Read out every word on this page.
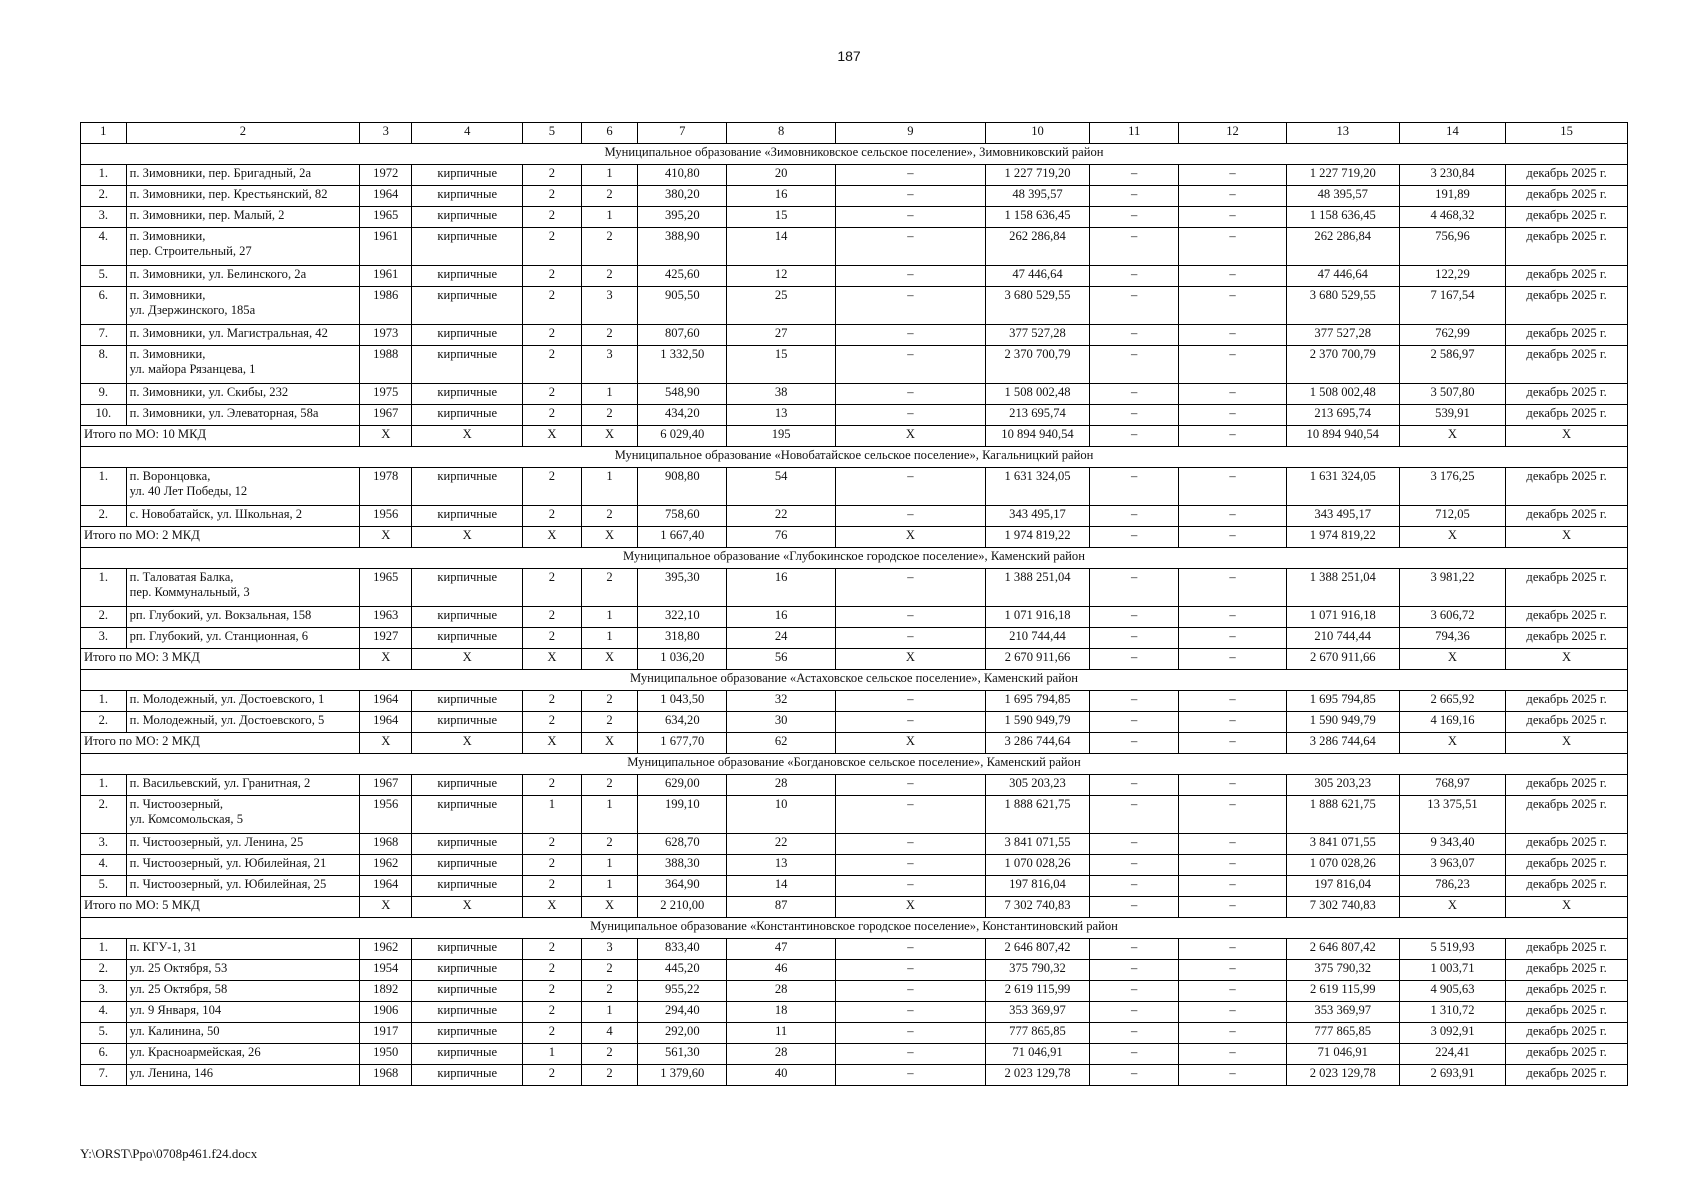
187
1	2	3	4	5	6	7	8	9	10	11	12	13	14	15
Муниципальное образование «Зимовниковское сельское поселение», Зимовниковский район														
1.	п. Зимовники, пер. Бригадный, 2а	1972	кирпичные	2	1	410,80	20	–	1 227 719,20	–	–	1 227 719,20	3 230,84	декабрь 2025 г.
2.	п. Зимовники, пер. Крестьянский, 82	1964	кирпичные	2	2	380,20	16	–	48 395,57	–	–	48 395,57	191,89	декабрь 2025 г.
3.	п. Зимовники, пер. Малый, 2	1965	кирпичные	2	1	395,20	15	–	1 158 636,45	–	–	1 158 636,45	4 468,32	декабрь 2025 г.
4.	п. Зимовники,
пер. Строительный, 27	1961	кирпичные	2	2	388,90	14	–	262 286,84	–	–	262 286,84	756,96	декабрь 2025 г.
5.	п. Зимовники, ул. Белинского, 2а	1961	кирпичные	2	2	425,60	12	–	47 446,64	–	–	47 446,64	122,29	декабрь 2025 г.
6.	п. Зимовники,
ул. Дзержинского, 185а	1986	кирпичные	2	3	905,50	25	–	3 680 529,55	–	–	3 680 529,55	7 167,54	декабрь 2025 г.
7.	п. Зимовники, ул. Магистральная, 42	1973	кирпичные	2	2	807,60	27	–	377 527,28	–	–	377 527,28	762,99	декабрь 2025 г.
8.	п. Зимовники,
ул. майора Рязанцева, 1	1988	кирпичные	2	3	1 332,50	15	–	2 370 700,79	–	–	2 370 700,79	2 586,97	декабрь 2025 г.
9.	п. Зимовники, ул. Скибы, 232	1975	кирпичные	2	1	548,90	38	–	1 508 002,48	–	–	1 508 002,48	3 507,80	декабрь 2025 г.
10.	п. Зимовники, ул. Элеваторная, 58а	1967	кирпичные	2	2	434,20	13	–	213 695,74	–	–	213 695,74	539,91	декабрь 2025 г.
Итого по МО: 10 МКД		X	X	X	X	6 029,40	195	X	10 894 940,54	–	–	10 894 940,54	X	X
Муниципальное образование «Новобатайское сельское поселение», Кагальницкий район														
1.	п. Воронцовка,
ул. 40 Лет Победы, 12	1978	кирпичные	2	1	908,80	54	–	1 631 324,05	–	–	1 631 324,05	3 176,25	декабрь 2025 г.
2.	с. Новобатайск, ул. Школьная, 2	1956	кирпичные	2	2	758,60	22	–	343 495,17	–	–	343 495,17	712,05	декабрь 2025 г.
Итого по МО: 2 МКД		X	X	X	X	1 667,40	76	X	1 974 819,22	–	–	1 974 819,22	X	X
Муниципальное образование «Глубокинское городское поселение», Каменский район														
1.	п. Таловатая Балка,
пер. Коммунальный, 3	1965	кирпичные	2	2	395,30	16	–	1 388 251,04	–	–	1 388 251,04	3 981,22	декабрь 2025 г.
2.	рп. Глубокий, ул. Вокзальная, 158	1963	кирпичные	2	1	322,10	16	–	1 071 916,18	–	–	1 071 916,18	3 606,72	декабрь 2025 г.
3.	рп. Глубокий, ул. Станционная, 6	1927	кирпичные	2	1	318,80	24	–	210 744,44	–	–	210 744,44	794,36	декабрь 2025 г.
Итого по МО: 3 МКД		X	X	X	X	1 036,20	56	X	2 670 911,66	–	–	2 670 911,66	X	X
Муниципальное образование «Астаховское сельское поселение», Каменский район														
1.	п. Молодежный, ул. Достоевского, 1	1964	кирпичные	2	2	1 043,50	32	–	1 695 794,85	–	–	1 695 794,85	2 665,92	декабрь 2025 г.
2.	п. Молодежный, ул. Достоевского, 5	1964	кирпичные	2	2	634,20	30	–	1 590 949,79	–	–	1 590 949,79	4 169,16	декабрь 2025 г.
Итого по МО: 2 МКД		X	X	X	X	1 677,70	62	X	3 286 744,64	–	–	3 286 744,64	X	X
Муниципальное образование «Богдановское сельское поселение», Каменский район														
1.	п. Васильевский, ул. Гранитная, 2	1967	кирпичные	2	2	629,00	28	–	305 203,23	–	–	305 203,23	768,97	декабрь 2025 г.
2.	п. Чистоозерный,
ул. Комсомольская, 5	1956	кирпичные	1	1	199,10	10	–	1 888 621,75	–	–	1 888 621,75	13 375,51	декабрь 2025 г.
3.	п. Чистоозерный, ул. Ленина, 25	1968	кирпичные	2	2	628,70	22	–	3 841 071,55	–	–	3 841 071,55	9 343,40	декабрь 2025 г.
4.	п. Чистоозерный, ул. Юбилейная, 21	1962	кирпичные	2	1	388,30	13	–	1 070 028,26	–	–	1 070 028,26	3 963,07	декабрь 2025 г.
5.	п. Чистоозерный, ул. Юбилейная, 25	1964	кирпичные	2	1	364,90	14	–	197 816,04	–	–	197 816,04	786,23	декабрь 2025 г.
Итого по МО: 5 МКД		X	X	X	X	2 210,00	87	X	7 302 740,83	–	–	7 302 740,83	X	X
Муниципальное образование «Константиновское городское поселение», Константиновский район														
1.	п. КГУ-1, 31	1962	кирпичные	2	3	833,40	47	–	2 646 807,42	–	–	2 646 807,42	5 519,93	декабрь 2025 г.
2.	ул. 25 Октября, 53	1954	кирпичные	2	2	445,20	46	–	375 790,32	–	–	375 790,32	1 003,71	декабрь 2025 г.
3.	ул. 25 Октября, 58	1892	кирпичные	2	2	955,22	28	–	2 619 115,99	–	–	2 619 115,99	4 905,63	декабрь 2025 г.
4.	ул. 9 Января, 104	1906	кирпичные	2	1	294,40	18	–	353 369,97	–	–	353 369,97	1 310,72	декабрь 2025 г.
5.	ул. Калинина, 50	1917	кирпичные	2	4	292,00	11	–	777 865,85	–	–	777 865,85	3 092,91	декабрь 2025 г.
6.	ул. Красноармейская, 26	1950	кирпичные	1	2	561,30	28	–	71 046,91	–	–	71 046,91	224,41	декабрь 2025 г.
7.	ул. Ленина, 146	1968	кирпичные	2	2	1 379,60	40	–	2 023 129,78	–	–	2 023 129,78	2 693,91	декабрь 2025 г.
Y:\ORST\Ppo\0708p461.f24.docx
